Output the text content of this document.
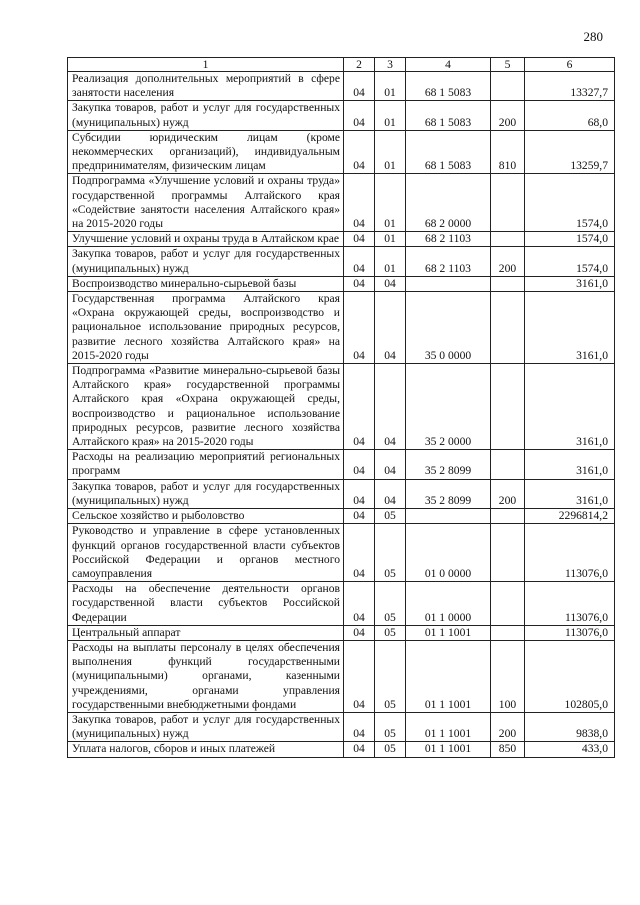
280
1	2	3	4	5	6
Реализация дополнительных мероприятий в сфере занятости населения	04	01	68 1 5083		13327,7
Закупка товаров, работ и услуг для государственных (муниципальных) нужд	04	01	68 1 5083	200	68,0
Субсидии юридическим лицам (кроме некоммерческих организаций), индивидуальным предпринимателям, физическим лицам	04	01	68 1 5083	810	13259,7
Подпрограмма «Улучшение условий и охраны труда» государственной программы Алтайского края «Содействие занятости населения Алтайского края» на 2015-2020 годы	04	01	68 2 0000		1574,0
Улучшение условий и охраны труда в Алтайском крае	04	01	68 2 1103		1574,0
Закупка товаров, работ и услуг для государственных (муниципальных) нужд	04	01	68 2 1103	200	1574,0
Воспроизводство минерально-сырьевой базы	04	04			3161,0
Государственная программа Алтайского края «Охрана окружающей среды, воспроизводство и рациональное использование природных ресурсов, развитие лесного хозяйства Алтайского края» на 2015-2020 годы	04	04	35 0 0000		3161,0
Подпрограмма «Развитие минерально-сырьевой базы Алтайского края» государственной программы Алтайского края «Охрана окружающей среды, воспроизводство и рациональное использование природных ресурсов, развитие лесного хозяйства Алтайского края» на 2015-2020 годы	04	04	35 2 0000		3161,0
Расходы на реализацию мероприятий региональных программ	04	04	35 2 8099		3161,0
Закупка товаров, работ и услуг для государственных (муниципальных) нужд	04	04	35 2 8099	200	3161,0
Сельское хозяйство и рыболовство	04	05			2296814,2
Руководство и управление в сфере установленных функций органов государственной власти субъектов Российской Федерации и органов местного самоуправления	04	05	01 0 0000		113076,0
Расходы на обеспечение деятельности органов государственной власти субъектов Российской Федерации	04	05	01 1 0000		113076,0
Центральный аппарат	04	05	01 1 1001		113076,0
Расходы на выплаты персоналу в целях обеспечения выполнения функций государственными (муниципальными) органами, казенными учреждениями, органами управления государственными внебюджетными фондами	04	05	01 1 1001	100	102805,0
Закупка товаров, работ и услуг для государственных (муниципальных) нужд	04	05	01 1 1001	200	9838,0
Уплата налогов, сборов и иных платежей	04	05	01 1 1001	850	433,0
